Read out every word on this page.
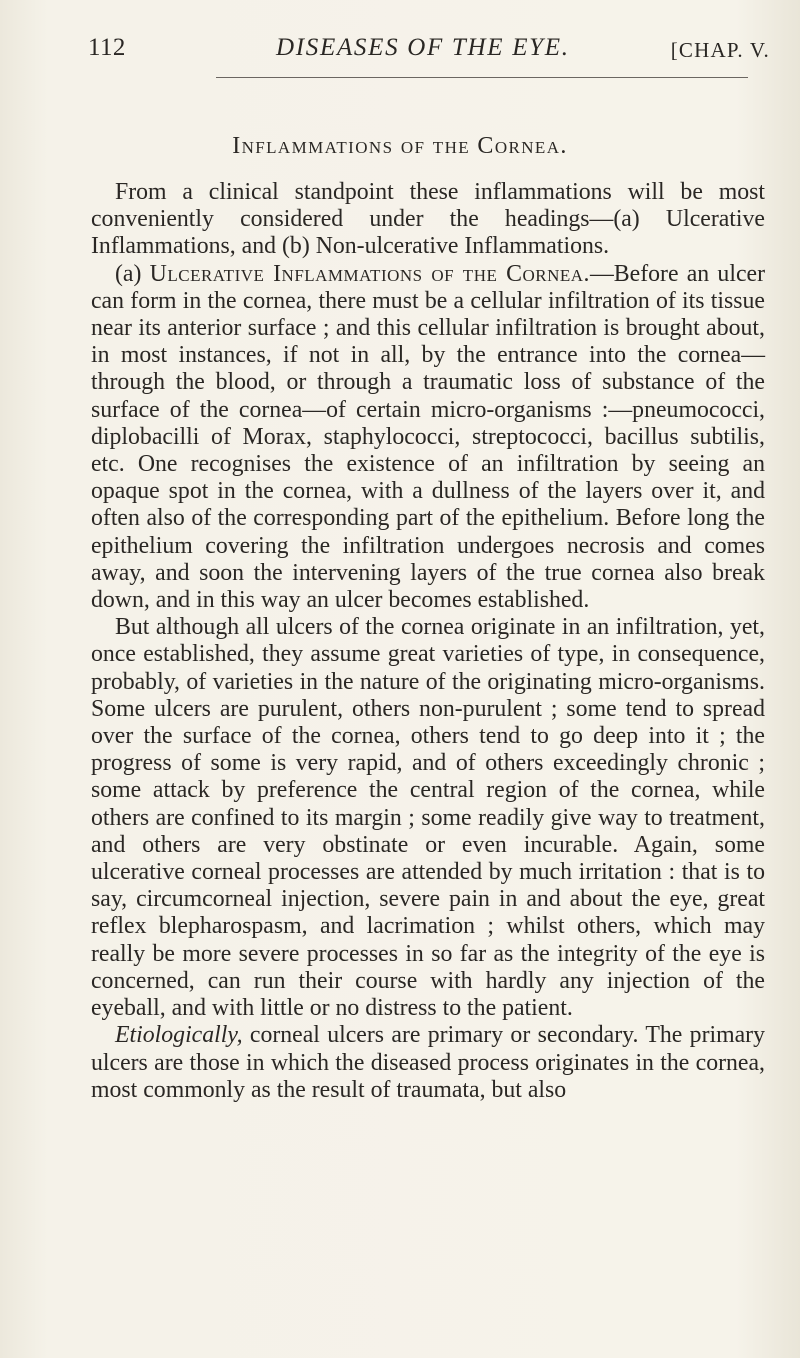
112	DISEASES OF THE EYE.	[CHAP. V.
Inflammations of the Cornea.

From a clinical standpoint these inflammations will be most conveniently considered under the headings—(a) Ulcerative Inflammations, and (b) Non-ulcerative Inflammations.

(a) Ulcerative Inflammations of the Cornea.—Before an ulcer can form in the cornea, there must be a cellular infiltration of its tissue near its anterior surface ; and this cellular infiltration is brought about, in most instances, if not in all, by the entrance into the cornea—through the blood, or through a traumatic loss of substance of the surface of the cornea—of certain micro-organisms :—pneumococci, diplobacilli of Morax, staphylococci, streptococci, bacillus subtilis, etc. One recognises the existence of an infiltration by seeing an opaque spot in the cornea, with a dullness of the layers over it, and often also of the corresponding part of the epithelium. Before long the epithelium covering the infiltration undergoes necrosis and comes away, and soon the intervening layers of the true cornea also break down, and in this way an ulcer becomes established.

But although all ulcers of the cornea originate in an infiltration, yet, once established, they assume great varieties of type, in consequence, probably, of varieties in the nature of the originating micro-organisms. Some ulcers are purulent, others non-purulent ; some tend to spread over the surface of the cornea, others tend to go deep into it ; the progress of some is very rapid, and of others exceedingly chronic ; some attack by preference the central region of the cornea, while others are confined to its margin ; some readily give way to treatment, and others are very obstinate or even incurable. Again, some ulcerative corneal processes are attended by much irritation : that is to say, circumcorneal injection, severe pain in and about the eye, great reflex blepharospasm, and lacrimation ; whilst others, which may really be more severe processes in so far as the integrity of the eye is concerned, can run their course with hardly any injection of the eyeball, and with little or no distress to the patient.

Etiologically, corneal ulcers are primary or secondary. The primary ulcers are those in which the diseased process originates in the cornea, most commonly as the result of traumata, but also
